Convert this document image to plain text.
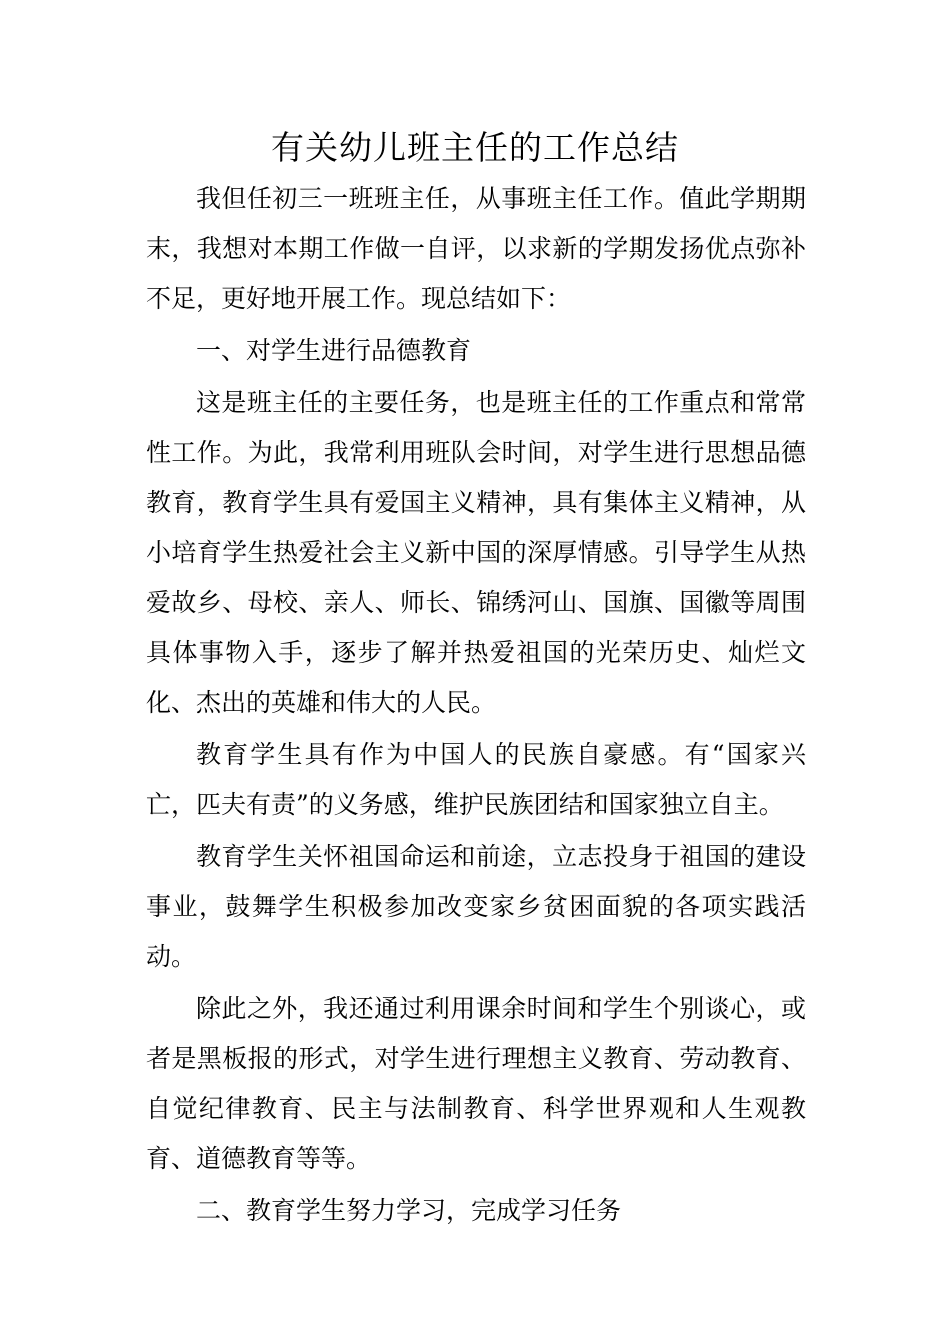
有关幼儿班主任的工作总结

我但任初三一班班主任，从事班主任工作。值此学期期末，我想对本期工作做一自评，以求新的学期发扬优点弥补不足，更好地开展工作。现总结如下：

一、对学生进行品德教育

这是班主任的主要任务，也是班主任的工作重点和常常性工作。为此，我常利用班队会时间，对学生进行思想品德教育，教育学生具有爱国主义精神，具有集体主义精神，从小培育学生热爱社会主义新中国的深厚情感。引导学生从热爱故乡、母校、亲人、师长、锦绣河山、国旗、国徽等周围具体事物入手，逐步了解并热爱祖国的光荣历史、灿烂文化、杰出的英雄和伟大的人民。

教育学生具有作为中国人的民族自豪感。有“国家兴亡，匹夫有责”的义务感，维护民族团结和国家独立自主。

教育学生关怀祖国命运和前途，立志投身于祖国的建设事业，鼓舞学生积极参加改变家乡贫困面貌的各项实践活动。

除此之外，我还通过利用课余时间和学生个别谈心，或者是黑板报的形式，对学生进行理想主义教育、劳动教育、自觉纪律教育、民主与法制教育、科学世界观和人生观教育、道德教育等等。

二、教育学生努力学习，完成学习任务
